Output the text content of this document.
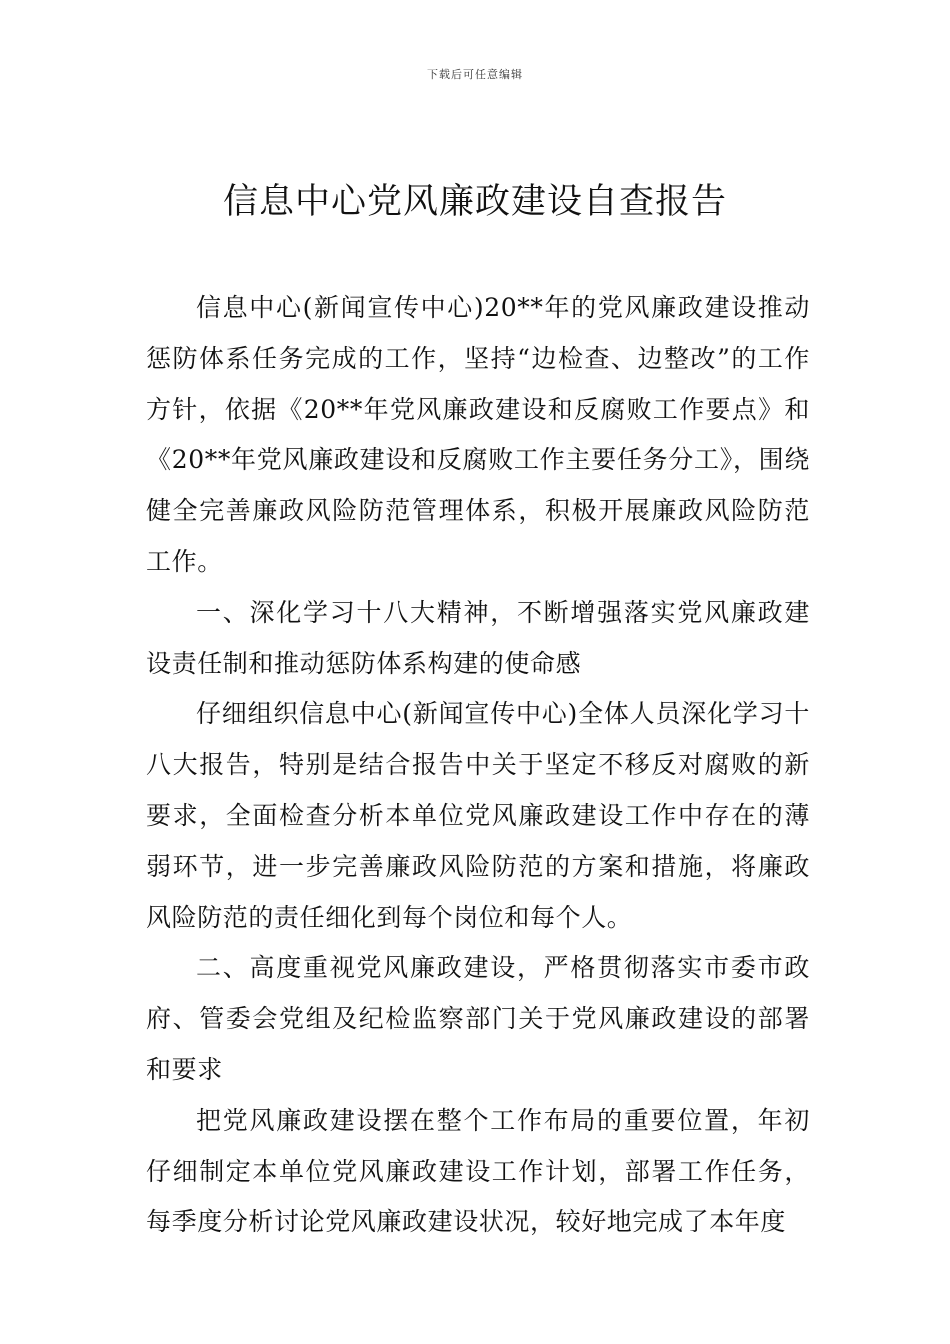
下载后可任意编辑
信息中心党风廉政建设自查报告

信息中心(新闻宣传中心)20**年的党风廉政建设推动惩防体系任务完成的工作，坚持“边检查、边整改”的工作方针，依据《20**年党风廉政建设和反腐败工作要点》和《20**年党风廉政建设和反腐败工作主要任务分工》，围绕健全完善廉政风险防范管理体系，积极开展廉政风险防范工作。

一、深化学习十八大精神，不断增强落实党风廉政建设责任制和推动惩防体系构建的使命感

仔细组织信息中心(新闻宣传中心)全体人员深化学习十八大报告，特别是结合报告中关于坚定不移反对腐败的新要求，全面检查分析本单位党风廉政建设工作中存在的薄弱环节，进一步完善廉政风险防范的方案和措施，将廉政风险防范的责任细化到每个岗位和每个人。

二、高度重视党风廉政建设，严格贯彻落实市委市政府、管委会党组及纪检监察部门关于党风廉政建设的部署和要求

把党风廉政建设摆在整个工作布局的重要位置，年初仔细制定本单位党风廉政建设工作计划，部署工作任务，每季度分析讨论党风廉政建设状况，较好地完成了本年度
